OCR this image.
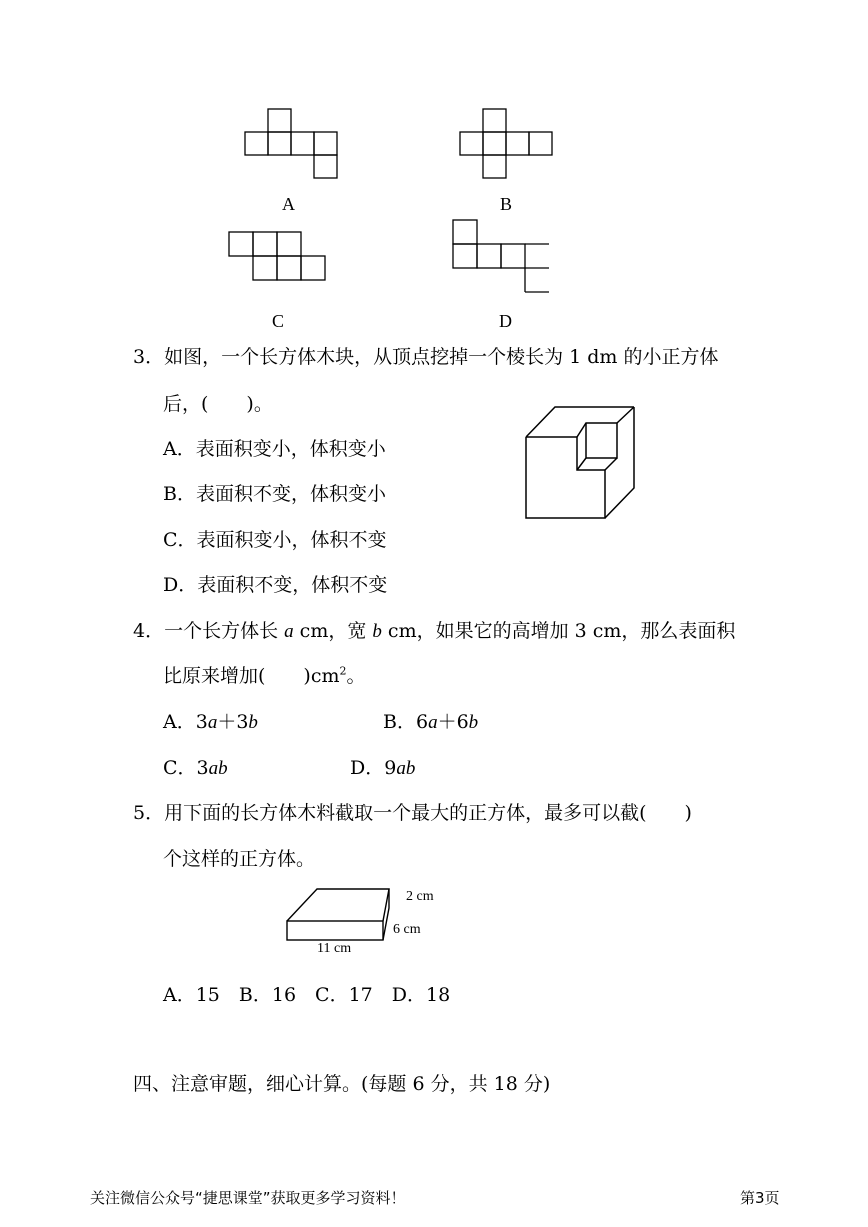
A	B
C	D
3．如图，一个长方体木块，从顶点挖掉一个棱长为 1 dm 的小正方体
后，(　　)。
A．表面积变小，体积变小
B．表面积不变，体积变小
C．表面积变小，体积不变
D．表面积不变，体积不变
4．一个长方体长 a cm，宽 b cm，如果它的高增加 3 cm，那么表面积
比原来增加(　　)$cm^2$。
A．3a＋3b	B．6a＋6b
C．3ab	D．9ab
5．用下面的长方体木料截取一个最大的正方体，最多可以截(　　)
个这样的正方体。
2 cm
6 cm
11 cm
A．15　B．16　C．17　D．18
四、注意审题，细心计算。(每题 6 分，共 18 分)
关注微信公众号“捷思课堂”获取更多学习资料！	第3页
